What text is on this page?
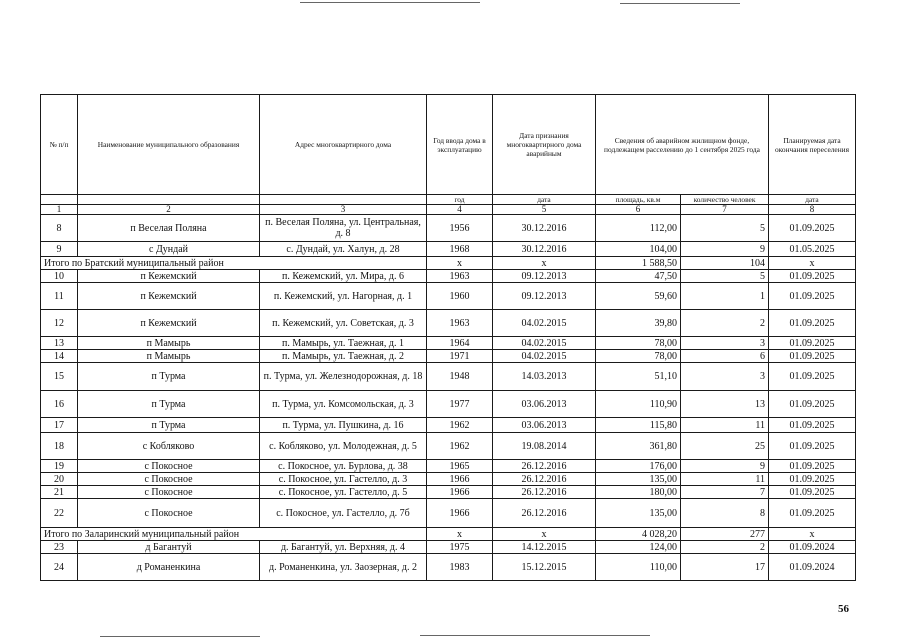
№ п/п	Наименование муниципального образования	Адрес многоквартирного дома	Год ввода дома в эксплуатацию	Дата признания многоквартирного дома аварийным	Сведения об аварийном жилищном фонде, подлежащем расселению до 1 сентября 2025 года		Планируемая дата окончания переселения
			год	дата	площадь, кв.м	количество человек	дата
1	2	3	4	5	6	7	8
8	п Веселая Поляна	п. Веселая Поляна, ул. Центральная, д. 8	1956	30.12.2016	112,00	5	01.09.2025
9	с Дундай	с. Дундай, ул. Халун, д. 28	1968	30.12.2016	104,00	9	01.05.2025
Итого по Братский муниципальный район			х	х	1 588,50	104	х
10	п Кежемский	п. Кежемский, ул. Мира, д. 6	1963	09.12.2013	47,50	5	01.09.2025
11	п Кежемский	п. Кежемский, ул. Нагорная, д. 1	1960	09.12.2013	59,60	1	01.09.2025
12	п Кежемский	п. Кежемский, ул. Советская, д. 3	1963	04.02.2015	39,80	2	01.09.2025
13	п Мамырь	п. Мамырь, ул. Таежная, д. 1	1964	04.02.2015	78,00	3	01.09.2025
14	п Мамырь	п. Мамырь, ул. Таежная, д. 2	1971	04.02.2015	78,00	6	01.09.2025
15	п Турма	п. Турма, ул. Железнодорожная, д. 18	1948	14.03.2013	51,10	3	01.09.2025
16	п Турма	п. Турма, ул. Комсомольская, д. 3	1977	03.06.2013	110,90	13	01.09.2025
17	п Турма	п. Турма, ул. Пушкина, д. 16	1962	03.06.2013	115,80	11	01.09.2025
18	с Кобляково	с. Кобляково, ул. Молодежная, д. 5	1962	19.08.2014	361,80	25	01.09.2025
19	с Покосное	с. Покосное, ул. Бурлова, д. 38	1965	26.12.2016	176,00	9	01.09.2025
20	с Покосное	с. Покосное, ул. Гастелло, д. 3	1966	26.12.2016	135,00	11	01.09.2025
21	с Покосное	с. Покосное, ул. Гастелло, д. 5	1966	26.12.2016	180,00	7	01.09.2025
22	с Покосное	с. Покосное, ул. Гастелло, д. 7б	1966	26.12.2016	135,00	8	01.09.2025
Итого по Заларинский муниципальный район			х	х	4 028,20	277	х
23	д Багантуй	д. Багантуй, ул. Верхняя, д. 4	1975	14.12.2015	124,00	2	01.09.2024
24	д Романенкина	д. Романенкина, ул. Заозерная, д. 2	1983	15.12.2015	110,00	17	01.09.2024
56
